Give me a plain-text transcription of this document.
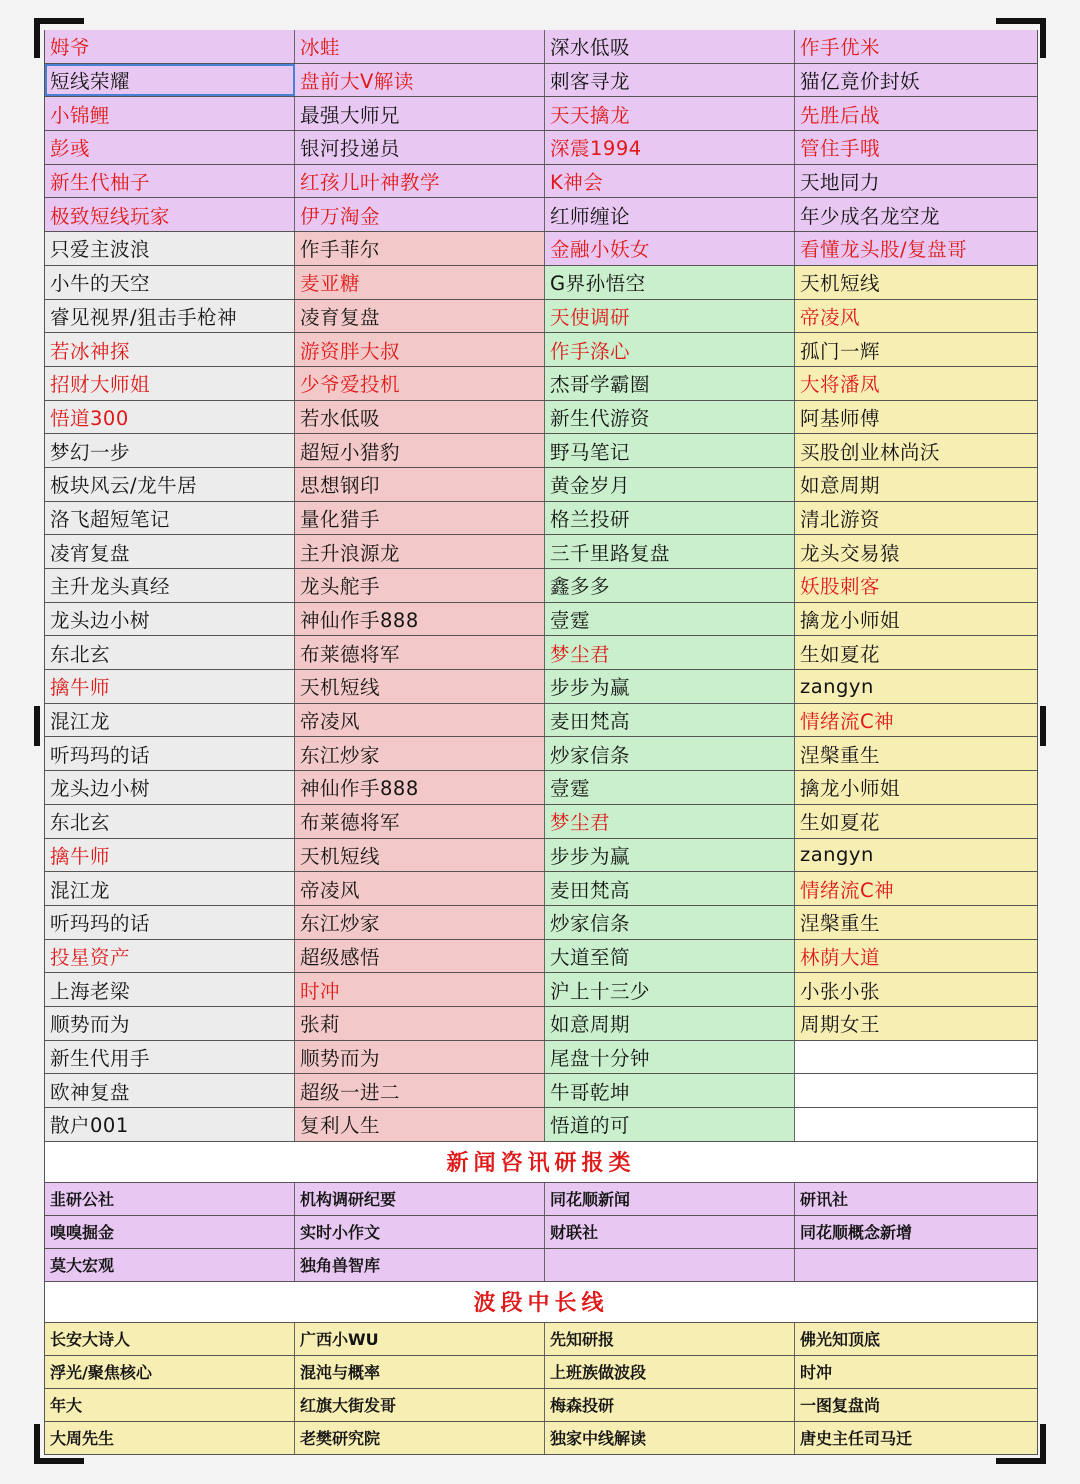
姆爷	冰蛙	深水低吸	作手优米
短线荣耀	盘前大V解读	刺客寻龙	猫亿竟价封妖
小锦鲤	最强大师兄	天天擒龙	先胜后战
彭彧	银河投递员	深震1994	管住手哦
新生代柚子	红孩儿叶神教学	K神会	天地同力
极致短线玩家	伊万淘金	红师缠论	年少成名龙空龙
只爱主波浪	作手菲尔	金融小妖女	看懂龙头股/复盘哥
小牛的天空	麦亚糖	G界孙悟空	天机短线
睿见视界/狙击手枪神	凌育复盘	天使调研	帝凌风
若冰神探	游资胖大叔	作手涤心	孤门一辉
招财大师姐	少爷爱投机	杰哥学霸圈	大将潘凤
悟道300	若水低吸	新生代游资	阿基师傅
梦幻一步	超短小猎豹	野马笔记	买股创业林尚沃
板块风云/龙牛居	思想钢印	黄金岁月	如意周期
洛飞超短笔记	量化猎手	格兰投研	清北游资
凌宵复盘	主升浪源龙	三千里路复盘	龙头交易猿
主升龙头真经	龙头舵手	鑫多多	妖股刺客
龙头边小树	神仙作手888	壹霆	擒龙小师姐
东北玄	布莱德将军	梦尘君	生如夏花
擒牛师	天机短线	步步为赢	zangyn
混江龙	帝凌风	麦田梵高	情绪流C神
听玛玛的话	东江炒家	炒家信条	涅槃重生
龙头边小树	神仙作手888	壹霆	擒龙小师姐
东北玄	布莱德将军	梦尘君	生如夏花
擒牛师	天机短线	步步为赢	zangyn
混江龙	帝凌风	麦田梵高	情绪流C神
听玛玛的话	东江炒家	炒家信条	涅槃重生
投星资产	超级感悟	大道至简	林荫大道
上海老梁	时冲	沪上十三少	小张小张
顺势而为	张莉	如意周期	周期女王
新生代用手	顺势而为	尾盘十分钟
欧神复盘	超级一进二	牛哥乾坤
散户001	复利人生	悟道的可
新闻咨讯研报类
韭研公社	机构调研纪要	同花顺新闻	研讯社
嗅嗅掘金	实时小作文	财联社	同花顺概念新增
莫大宏观	独角兽智库
波段中长线
长安大诗人	广西小WU	先知研报	佛光知顶底
浮光/聚焦核心	混沌与概率	上班族做波段	时冲
年大	红旗大街发哥	梅森投研	一图复盘尚
大周先生	老樊研究院	独家中线解读	唐史主任司马迁
